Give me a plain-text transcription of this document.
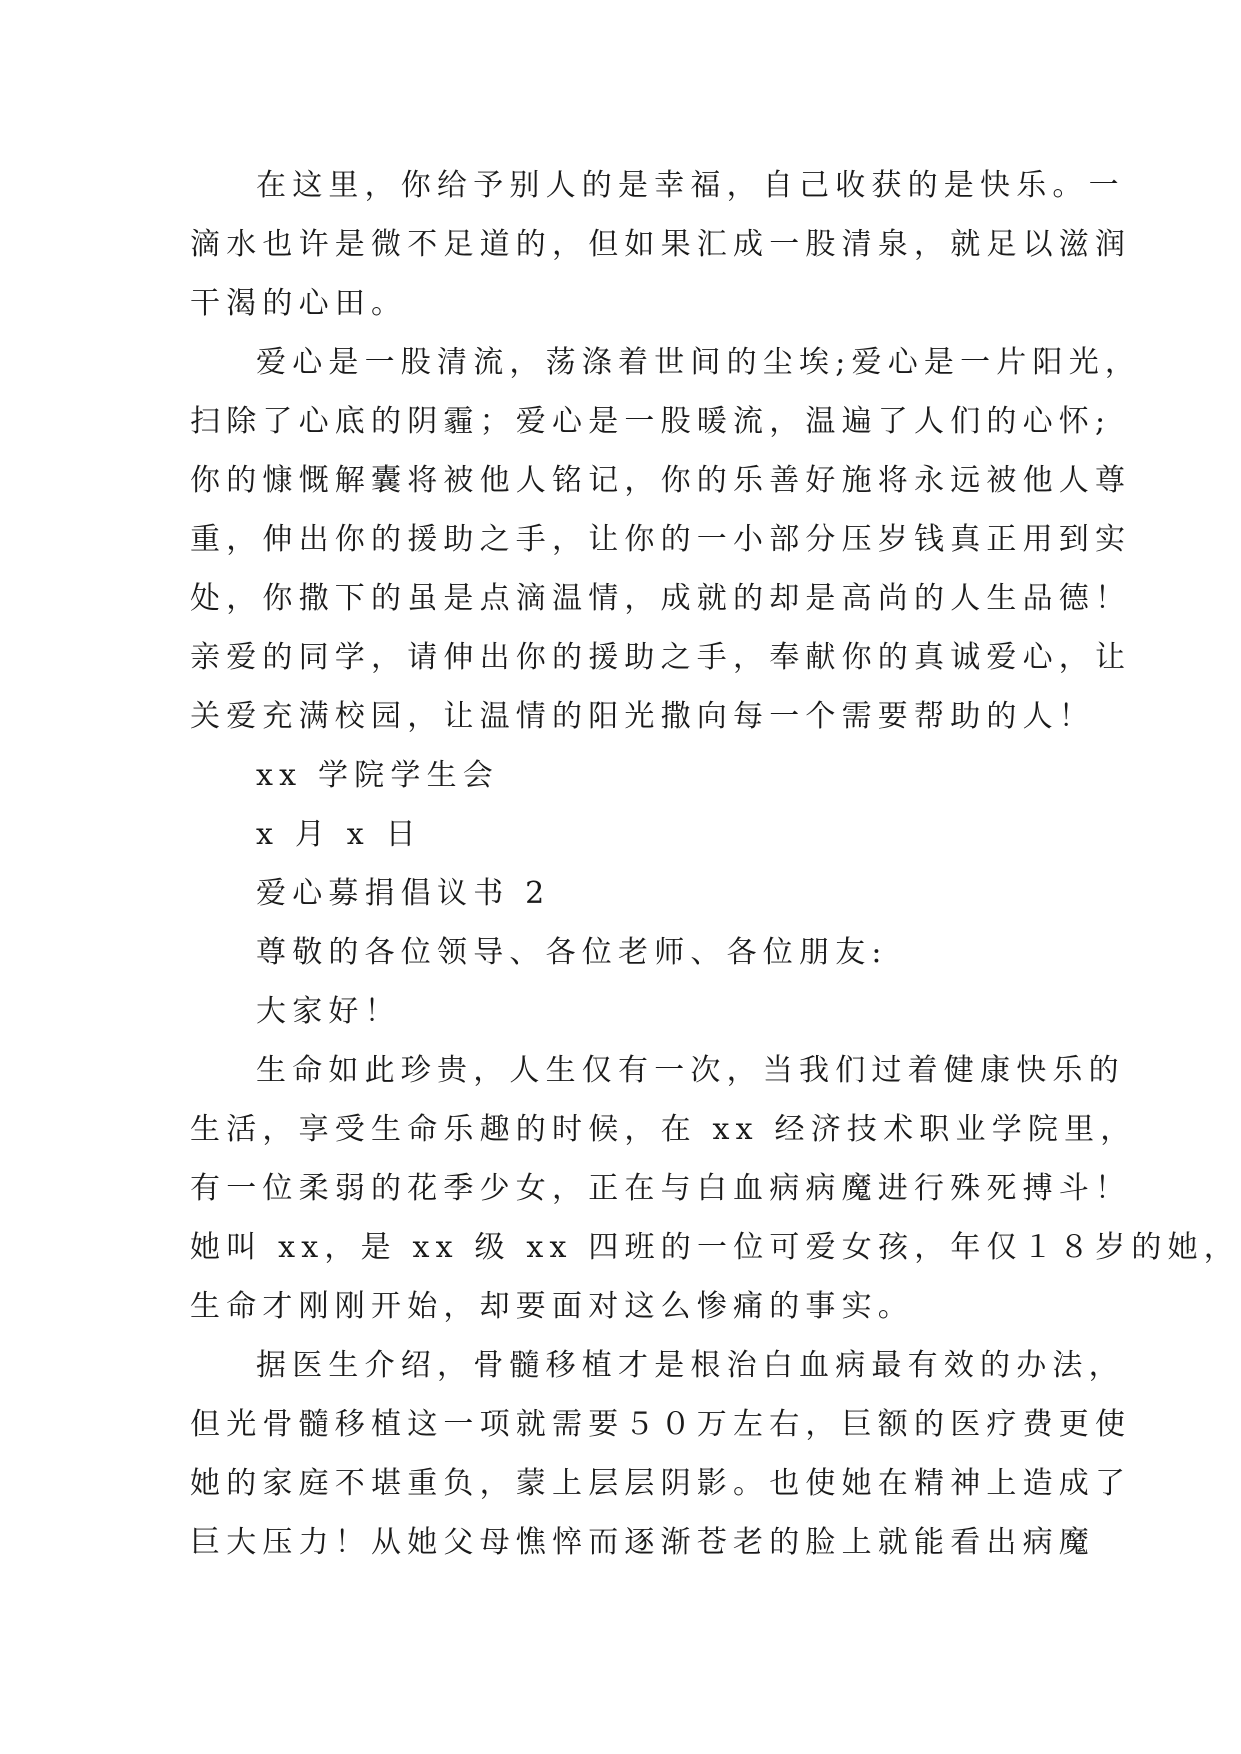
在这里，你给予别人的是幸福，自己收获的是快乐。一
滴水也许是微不足道的，但如果汇成一股清泉，就足以滋润
干渴的心田。
爱心是一股清流，荡涤着世间的尘埃;爱心是一片阳光，
扫除了心底的阴霾；爱心是一股暖流，温遍了人们的心怀;
你的慷慨解囊将被他人铭记，你的乐善好施将永远被他人尊
重，伸出你的援助之手，让你的一小部分压岁钱真正用到实
处，你撒下的虽是点滴温情，成就的却是高尚的人生品德！
亲爱的同学，请伸出你的援助之手，奉献你的真诚爱心，让
关爱充满校园，让温情的阳光撒向每一个需要帮助的人！
xx 学院学生会
x 月 x 日
爱心募捐倡议书 2
尊敬的各位领导、各位老师、各位朋友:
大家好！
生命如此珍贵，人生仅有一次，当我们过着健康快乐的
生活，享受生命乐趣的时候，在 xx 经济技术职业学院里，
有一位柔弱的花季少女，正在与白血病病魔进行殊死搏斗！
她叫 xx，是 xx 级 xx 四班的一位可爱女孩，年仅１８岁的她，
生命才刚刚开始，却要面对这么惨痛的事实。
据医生介绍，骨髓移植才是根治白血病最有效的办法，
但光骨髓移植这一项就需要５０万左右，巨额的医疗费更使
她的家庭不堪重负，蒙上层层阴影。也使她在精神上造成了
巨大压力！从她父母憔悴而逐渐苍老的脸上就能看出病魔
